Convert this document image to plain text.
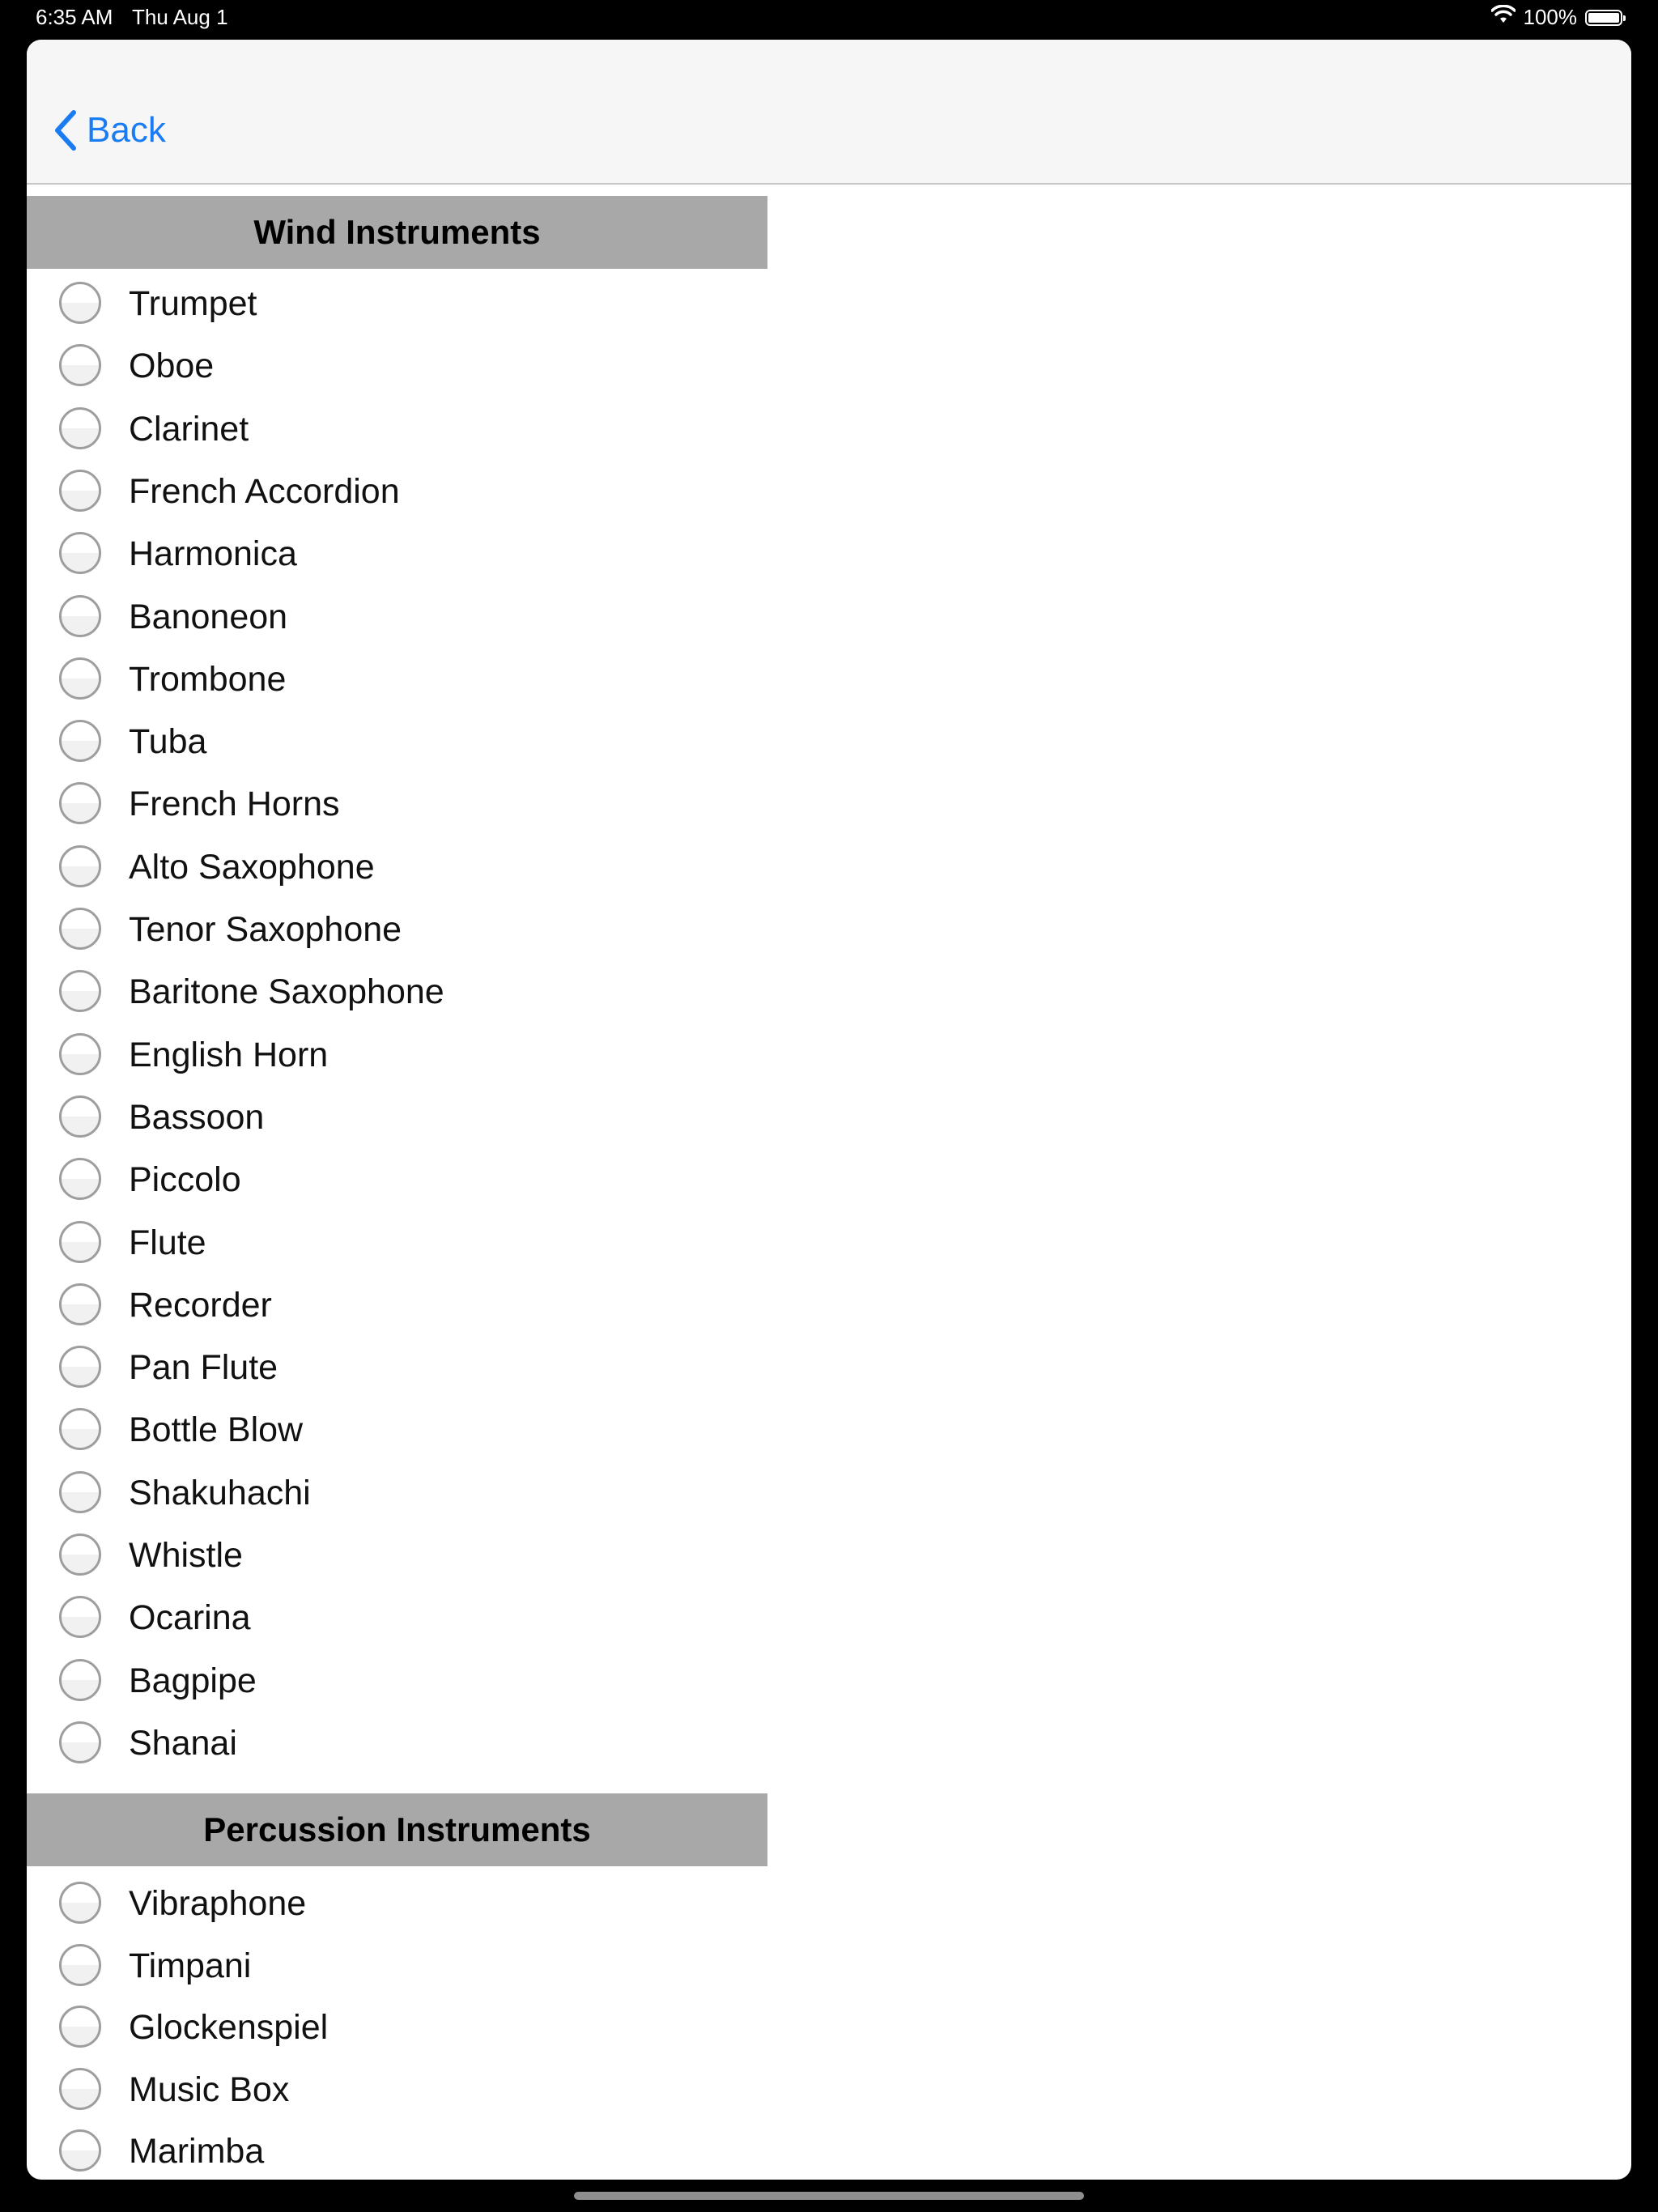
6:35 AM Thu Aug 1	100%
Back
Wind Instruments
Trumpet
Oboe
Clarinet
French Accordion
Harmonica
Banoneon
Trombone
Tuba
French Horns
Alto Saxophone
Tenor Saxophone
Baritone Saxophone
English Horn
Bassoon
Piccolo
Flute
Recorder
Pan Flute
Bottle Blow
Shakuhachi
Whistle
Ocarina
Bagpipe
Shanai
Percussion Instruments
Vibraphone
Timpani
Glockenspiel
Music Box
Marimba
